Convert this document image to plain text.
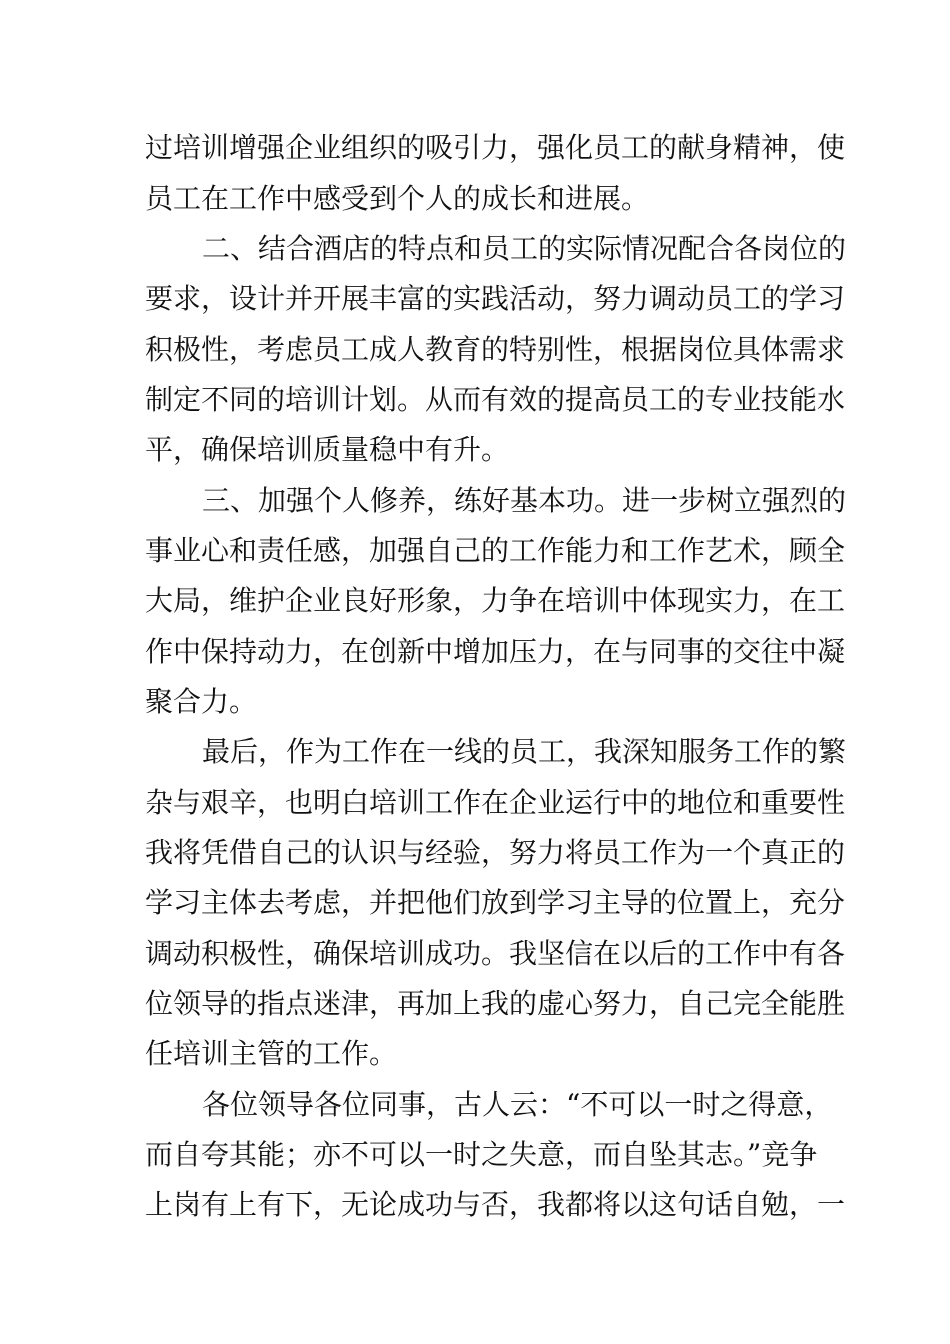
过培训增强企业组织的吸引力，强化员工的献身精神，使

员工在工作中感受到个人的成长和进展。

二、结合酒店的特点和员工的实际情况配合各岗位的

要求，设计并开展丰富的实践活动，努力调动员工的学习

积极性，考虑员工成人教育的特别性，根据岗位具体需求

制定不同的培训计划。从而有效的提高员工的专业技能水

平，确保培训质量稳中有升。

三、加强个人修养，练好基本功。进一步树立强烈的

事业心和责任感，加强自己的工作能力和工作艺术，顾全

大局，维护企业良好形象，力争在培训中体现实力，在工

作中保持动力，在创新中增加压力，在与同事的交往中凝

聚合力。

最后，作为工作在一线的员工，我深知服务工作的繁

杂与艰辛，也明白培训工作在企业运行中的地位和重要性

我将凭借自己的认识与经验，努力将员工作为一个真正的

学习主体去考虑，并把他们放到学习主导的位置上，充分

调动积极性，确保培训成功。我坚信在以后的工作中有各

位领导的指点迷津，再加上我的虚心努力，自己完全能胜

任培训主管的工作。

各位领导各位同事，古人云：“不可以一时之得意，

而自夸其能；亦不可以一时之失意，而自坠其志。”竞争

上岗有上有下，无论成功与否，我都将以这句话自勉，一
